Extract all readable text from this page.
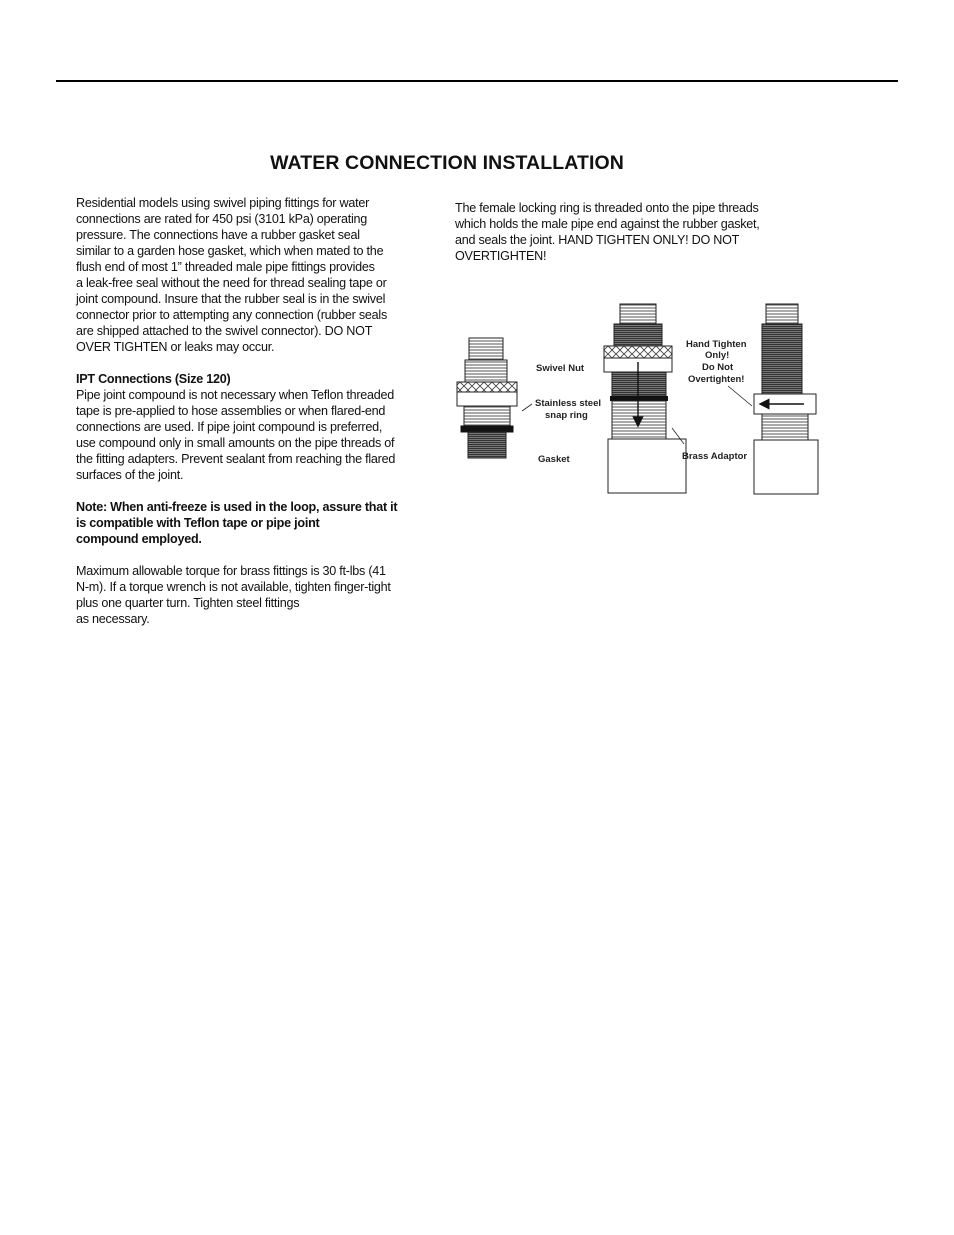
WATER CONNECTION INSTALLATION

Residential models using swivel piping fittings for water

connections are rated for 450 psi (3101 kPa) operating

pressure. The connections have a rubber gasket seal

similar to a garden hose gasket, which when mated to the

flush end of most 1” threaded male pipe fittings provides

a leak-free seal without the need for thread sealing tape or

joint compound. Insure that the rubber seal is in the swivel

connector prior to attempting any connection (rubber seals

are shipped attached to the swivel connector). DO NOT

OVER TIGHTEN or leaks may occur.

IPT Connections (Size 120)

Pipe joint compound is not necessary when Teflon threaded

tape is pre-applied to hose assemblies or when flared-end

connections are used. If pipe joint compound is preferred,

use compound only in small amounts on the pipe threads of

the fitting adapters. Prevent sealant from reaching the flared

surfaces of the joint.

Note: When anti-freeze is used in the loop, assure that it

is compatible with Teflon tape or pipe joint

compound employed.

Maximum allowable torque for brass fittings is 30 ft-lbs (41

N-m). If a torque wrench is not available, tighten finger-tight

plus one quarter turn. Tighten steel fittings

as necessary.

The female locking ring is threaded onto the pipe threads

which holds the male pipe end against the rubber gasket,

and seals the joint. HAND TIGHTEN ONLY! DO NOT

OVERTIGHTEN!

Swivel Nut
Stainless steel
snap ring
Gasket	Brass Adaptor
Hand Tighten
Only!
Do Not
Overtighten!
